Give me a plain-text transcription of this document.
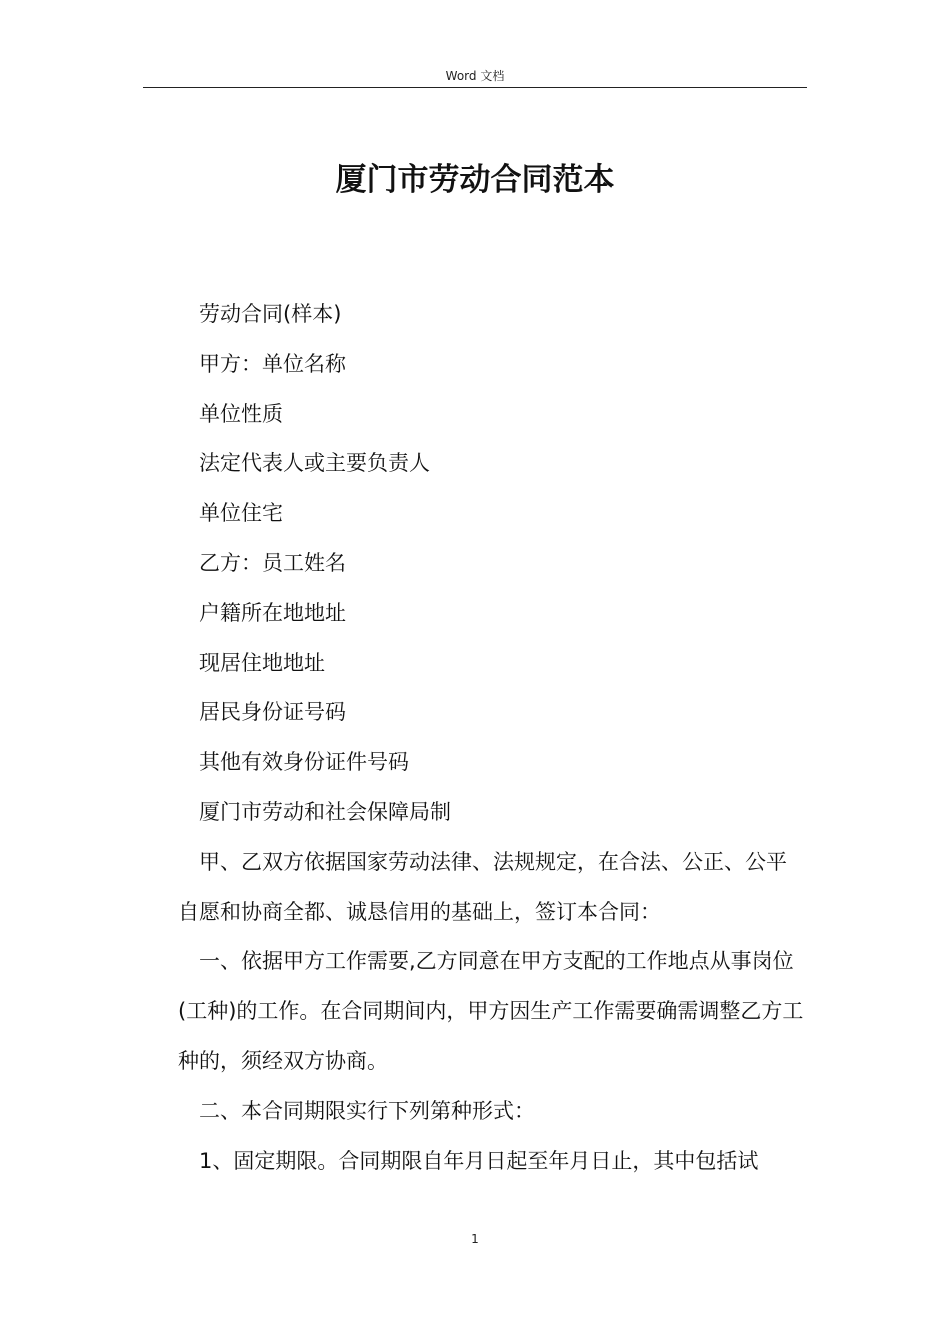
Word 文档
厦门市劳动合同范本

劳动合同(样本)

甲方：单位名称

单位性质

法定代表人或主要负责人

单位住宅

乙方：员工姓名

户籍所在地地址

现居住地地址

居民身份证号码

其他有效身份证件号码

厦门市劳动和社会保障局制

甲、乙双方依据国家劳动法律、法规规定，在合法、公正、公平自愿和协商全都、诚恳信用的基础上，签订本合同：

一、依据甲方工作需要,乙方同意在甲方支配的工作地点从事岗位(工种)的工作。在合同期间内，甲方因生产工作需要确需调整乙方工种的，须经双方协商。

二、本合同期限实行下列第种形式：

1、固定期限。合同期限自年月日起至年月日止，其中包括试

1
